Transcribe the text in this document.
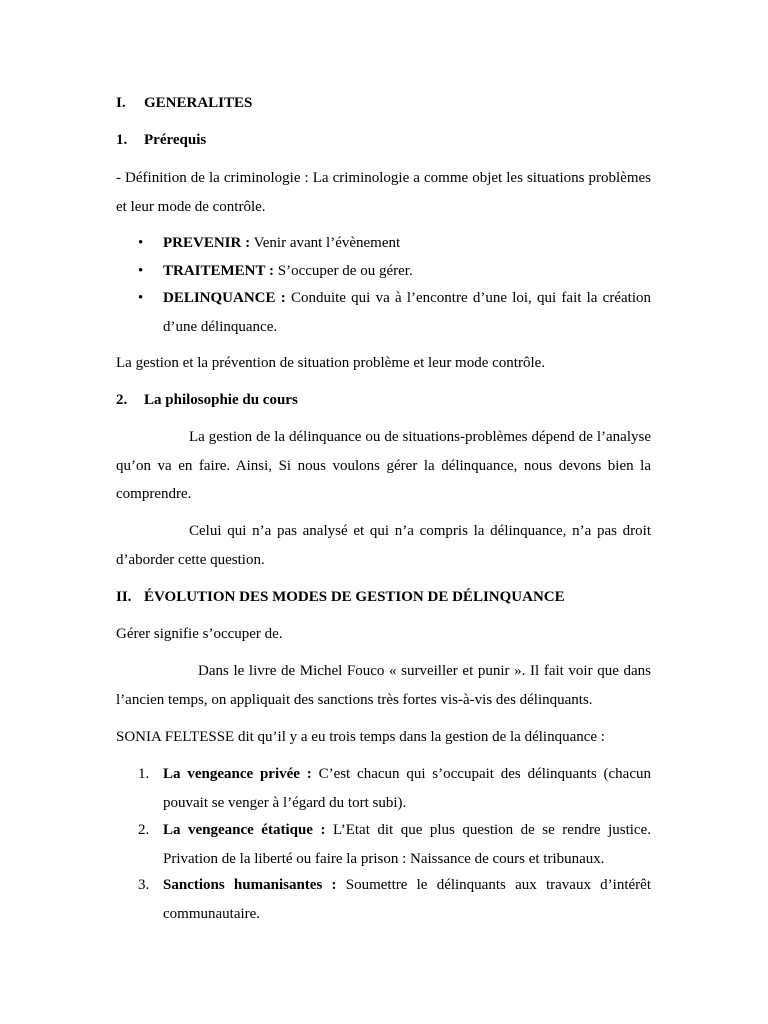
I. GENERALITES

1. Prérequis

- Définition de la criminologie : La criminologie a comme objet les situations problèmes et leur mode de contrôle.

• PREVENIR : Venir avant l’évènement

• TRAITEMENT : S’occuper de ou gérer.

• DELINQUANCE : Conduite qui va à l’encontre d’une loi, qui fait la création d’une délinquance.

La gestion et la prévention de situation problème et leur mode contrôle.

2. La philosophie du cours

La gestion de la délinquance ou de situations-problèmes dépend de l’analyse qu’on va en faire. Ainsi, Si nous voulons gérer la délinquance, nous devons bien la comprendre.

Celui qui n’a pas analysé et qui n’a compris la délinquance, n’a pas droit d’aborder cette question.

II. ÉVOLUTION DES MODES DE GESTION DE DÉLINQUANCE

Gérer signifie s’occuper de.

Dans le livre de Michel Fouco « surveiller et punir ». Il fait voir que dans l’ancien temps, on appliquait des sanctions très fortes vis-à-vis des délinquants.

SONIA FELTESSE dit qu’il y a eu trois temps dans la gestion de la délinquance :

1. La vengeance privée : C’est chacun qui s’occupait des délinquants (chacun pouvait se venger à l’égard du tort subi).

2. La vengeance étatique : L’Etat dit que plus question de se rendre justice. Privation de la liberté ou faire la prison : Naissance de cours et tribunaux.

3. Sanctions humanisantes : Soumettre le délinquants aux travaux d’intérêt communautaire.
